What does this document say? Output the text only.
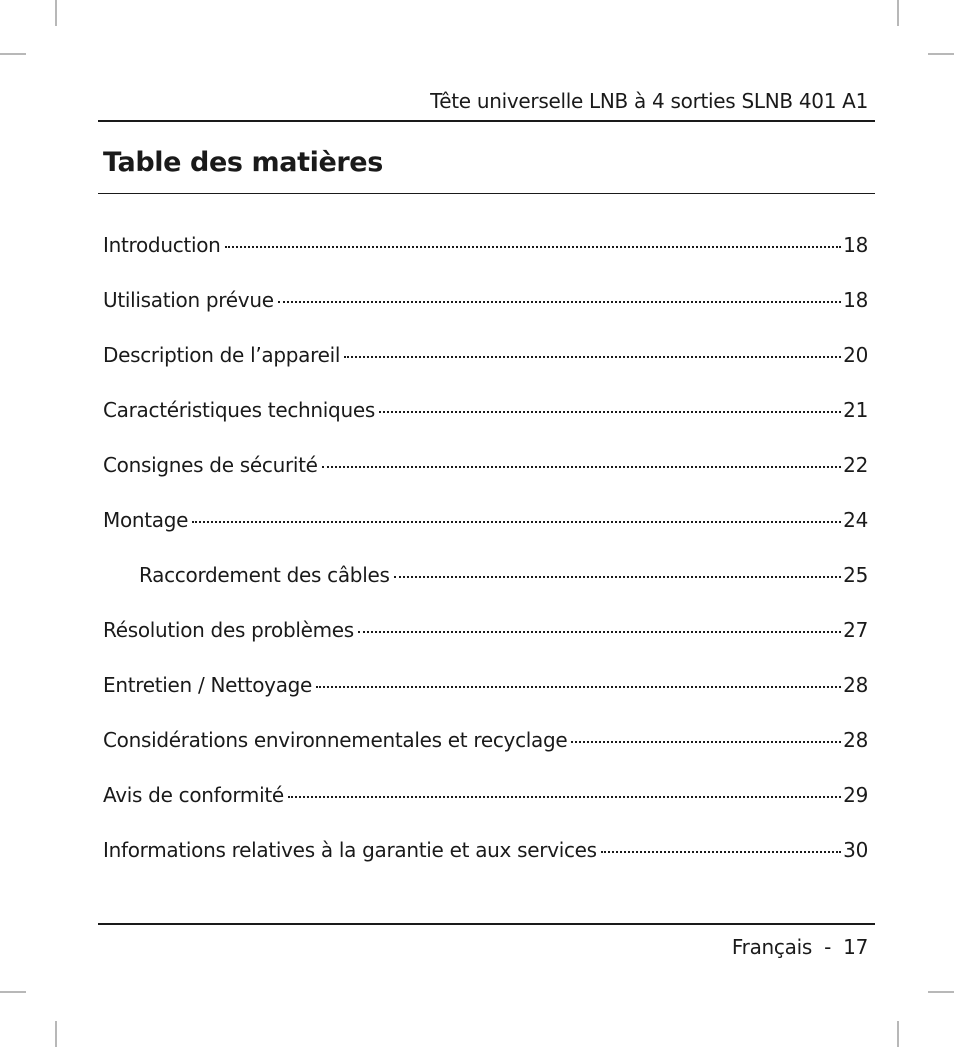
Tête universelle LNB à 4 sorties SLNB 401 A1
Table des matières
Introduction	18
Utilisation prévue	18
Description de l’appareil	20
Caractéristiques techniques	21
Consignes de sécurité	22
Montage	24
Raccordement des câbles	25
Résolution des problèmes	27
Entretien / Nettoyage	28
Considérations environnementales et recyclage	28
Avis de conformité	29
Informations relatives à la garantie et aux services	30
Français - 17
